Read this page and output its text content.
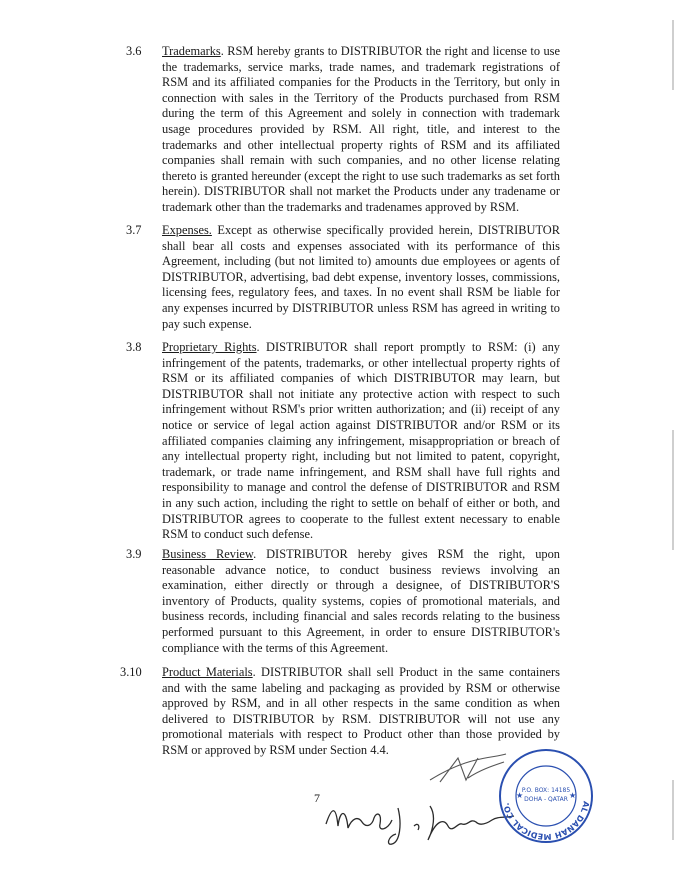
3.6 Trademarks. RSM hereby grants to DISTRIBUTOR the right and license to use the trademarks, service marks, trade names, and trademark registrations of RSM and its affiliated companies for the Products in the Territory, but only in connection with sales in the Territory of the Products purchased from RSM during the term of this Agreement and solely in connection with trademark usage procedures provided by RSM. All right, title, and interest to the trademarks and other intellectual property rights of RSM and its affiliated companies shall remain with such companies, and no other license relating thereto is granted hereunder (except the right to use such trademarks as set forth herein). DISTRIBUTOR shall not market the Products under any tradename or trademark other than the trademarks and tradenames approved by RSM.
3.7 Expenses. Except as otherwise specifically provided herein, DISTRIBUTOR shall bear all costs and expenses associated with its performance of this Agreement, including (but not limited to) amounts due employees or agents of DISTRIBUTOR, advertising, bad debt expense, inventory losses, commissions, licensing fees, regulatory fees, and taxes. In no event shall RSM be liable for any expenses incurred by DISTRIBUTOR unless RSM has agreed in writing to pay such expense.
3.8 Proprietary Rights. DISTRIBUTOR shall report promptly to RSM: (i) any infringement of the patents, trademarks, or other intellectual property rights of RSM or its affiliated companies of which DISTRIBUTOR may learn, but DISTRIBUTOR shall not initiate any protective action with respect to such infringement without RSM's prior written authorization; and (ii) receipt of any notice or service of legal action against DISTRIBUTOR and/or RSM or its affiliated companies claiming any infringement, misappropriation or breach of any intellectual property right, including but not limited to patent, copyright, trademark, or trade name infringement, and RSM shall have full rights and responsibility to manage and control the defense of DISTRIBUTOR and RSM in any such action, including the right to settle on behalf of either or both, and DISTRIBUTOR agrees to cooperate to the fullest extent necessary to enable RSM to conduct such defense.
3.9 Business Review. DISTRIBUTOR hereby gives RSM the right, upon reasonable advance notice, to conduct business reviews involving an examination, either directly or through a designee, of DISTRIBUTOR'S inventory of Products, quality systems, copies of promotional materials, and business records, including financial and sales records relating to the business performed pursuant to this Agreement, in order to ensure DISTRIBUTOR's compliance with the terms of this Agreement.
3.10 Product Materials. DISTRIBUTOR shall sell Product in the same containers and with the same labeling and packaging as provided by RSM or otherwise approved by RSM, and in all other respects in the same condition as when delivered to DISTRIBUTOR by RSM. DISTRIBUTOR will not use any promotional materials with respect to Product other than those provided by RSM or approved by RSM under Section 4.4.
7	AL DANAH MEDICAL CO.
P.O. BOX: 14185
DOHA - QATAR
★	★
